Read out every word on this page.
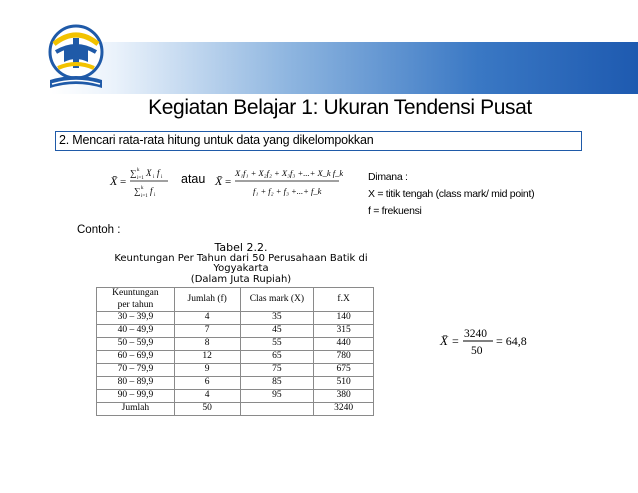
Kegiatan Belajar 1: Ukuran Tendensi Pusat
2. Mencari rata-rata hitung untuk data yang dikelompokkan
X̄ =
∑ k
i=1
X i f i
∑ k
i=1
f i
atau X̄ =
X₁f₁ + X₂f₂ + X₃f₃ +...+ X_k f_k
f₁ + f₂ + f₃ +...+ f_k
Dimana :
X = titik tengah (class mark/ mid point)
f = frekuensi
Contoh :
Tabel 2.2.
Keuntungan Per Tahun dari 50 Perusahaan Batik di Yogyakarta
(Dalam Juta Rupiah)
Keuntungan
per tahun	Jumlah (f)	Clas mark (X)	f.X
30 – 39,9	4	35	140
40 – 49,9	7	45	315
50 – 59,9	8	55	440
60 – 69,9	12	65	780
70 – 79,9	9	75	675
80 – 89,9	6	85	510
90 – 99,9	4	95	380
Jumlah	50		3240
X̄ = 3240
50
= 64,8
